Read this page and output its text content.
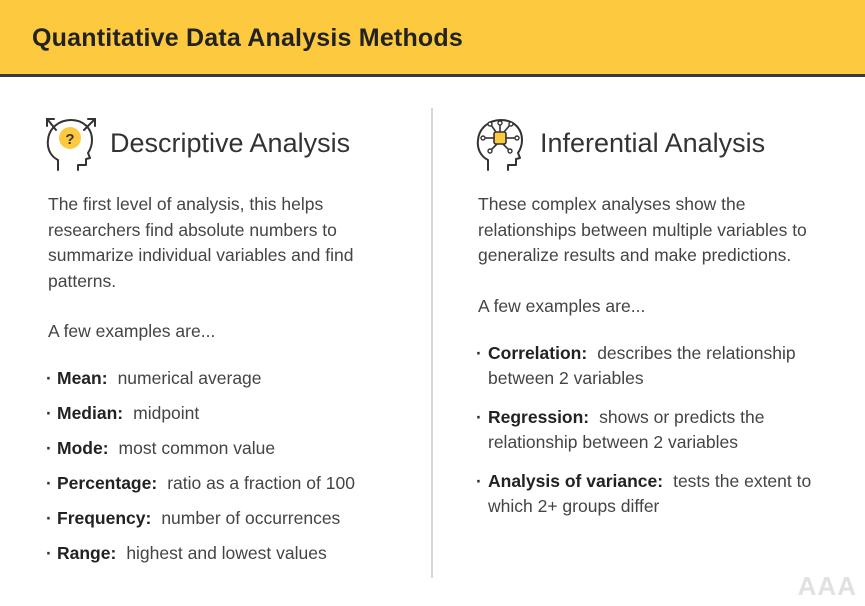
Quantitative Data Analysis Methods
? Descriptive Analysis
The first level of analysis, this helps researchers find absolute numbers to summarize individual variables and find patterns.
A few examples are...
· Mean: numerical average
· Median: midpoint
· Mode: most common value
· Percentage: ratio as a fraction of 100
· Frequency: number of occurrences
· Range: highest and lowest values
Inferential Analysis
These complex analyses show the relationships between multiple variables to generalize results and make predictions.
A few examples are...
· Correlation: describes the relationship between 2 variables
· Regression: shows or predicts the relationship between 2 variables
· Analysis of variance: tests the extent to which 2+ groups differ
AAA
